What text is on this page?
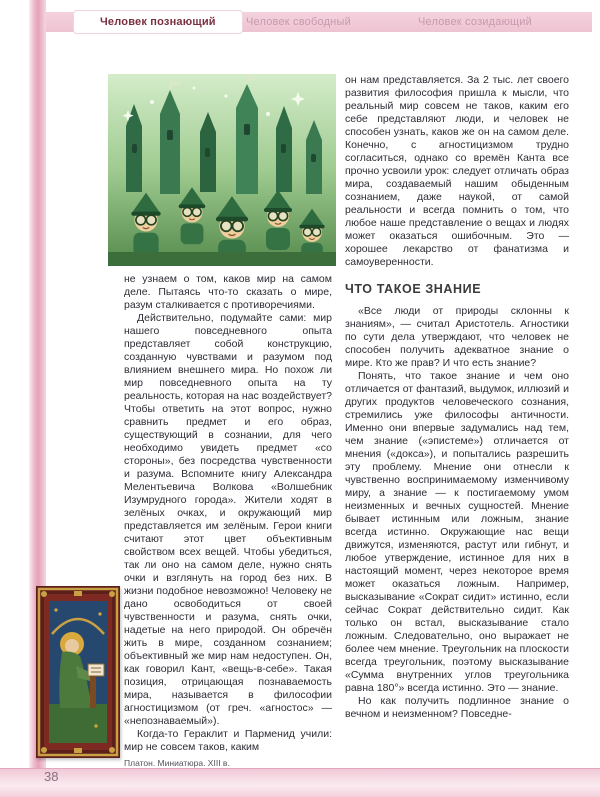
38
Человек познающий	Человек свободный	Человек созидающий

не узнаем о том, каков мир на самом деле. Пытаясь что-то сказать о мире, разум сталкивается с противоречиями.

Действительно, подумайте сами: мир нашего повседневного опыта представляет собой конструкцию, созданную чувствами и разумом под влиянием внешнего мира. Но похож ли мир повседневного опыта на ту реальность, которая на нас воздействует? Чтобы ответить на этот вопрос, нужно сравнить предмет и его образ, существующий в сознании, для чего необходимо увидеть предмет «со стороны», без посредства чувственности и разума. Вспомните книгу Александра Мелентьевича Волкова «Волшебник Изумрудного города». Жители ходят в зелёных очках, и окружающий мир представляется им зелёным. Герои книги считают этот цвет объективным свойством всех вещей. Чтобы убедиться, так ли оно на самом деле, нужно снять очки и взглянуть на город без них. В жизни подобное невозможно! Человеку не дано освободиться от своей чувственности и разума, снять очки, надетые на него природой. Он обречён жить в мире, созданном сознанием; объективный же мир нам недоступен. Он, как говорил Кант, «вещь-в-себе». Такая позиция, отрицающая познаваемость мира, называется в философии агностицизмом (от греч. «агностос» — «непознаваемый»).

Когда-то Гераклит и Парменид учили: мир не совсем таков, каким

он нам представляется. За 2 тыс. лет своего развития философия пришла к мысли, что реальный мир совсем не таков, каким его себе представляют люди, и человек не способен узнать, каков же он на самом деле. Конечно, с агностицизмом трудно согласиться, однако со времён Канта все прочно усвоили урок: следует отличать образ мира, создаваемый нашим обыденным сознанием, даже наукой, от самой реальности и всегда помнить о том, что любое наше представление о вещах и людях может оказаться ошибочным. Это — хорошее лекарство от фанатизма и самоуверенности.

ЧТО ТАКОЕ ЗНАНИЕ

«Все люди от природы склонны к знаниям», — считал Аристотель. Агностики по сути дела утверждают, что человек не способен получить адекватное знание о мире. Кто же прав? И что есть знание?

Понять, что такое знание и чем оно отличается от фантазий, выдумок, иллюзий и других продуктов человеческого сознания, стремились уже философы античности. Именно они впервые задумались над тем, чем знание («эпистеме») отличается от мнения («докса»), и попытались разрешить эту проблему. Мнение они отнесли к чувственно воспринимаемому изменчивому миру, а знание — к постигаемому умом неизменных и вечных сущностей. Мнение бывает истинным или ложным, знание всегда истинно. Окружающие нас вещи движутся, изменяются, растут или гибнут, и любое утверждение, истинное для них в настоящий момент, через некоторое время может оказаться ложным. Например, высказывание «Сократ сидит» истинно, если сейчас Сократ действительно сидит. Как только он встал, высказывание стало ложным. Следовательно, оно выражает не более чем мнение. Треугольник на плоскости всегда треугольник, поэтому высказывание «Сумма внутренних углов треугольника равна 180°» всегда истинно. Это — знание.

Но как получить подлинное знание о вечном и неизменном? Повседне-

Платон. Миниатюра. XIII в.
